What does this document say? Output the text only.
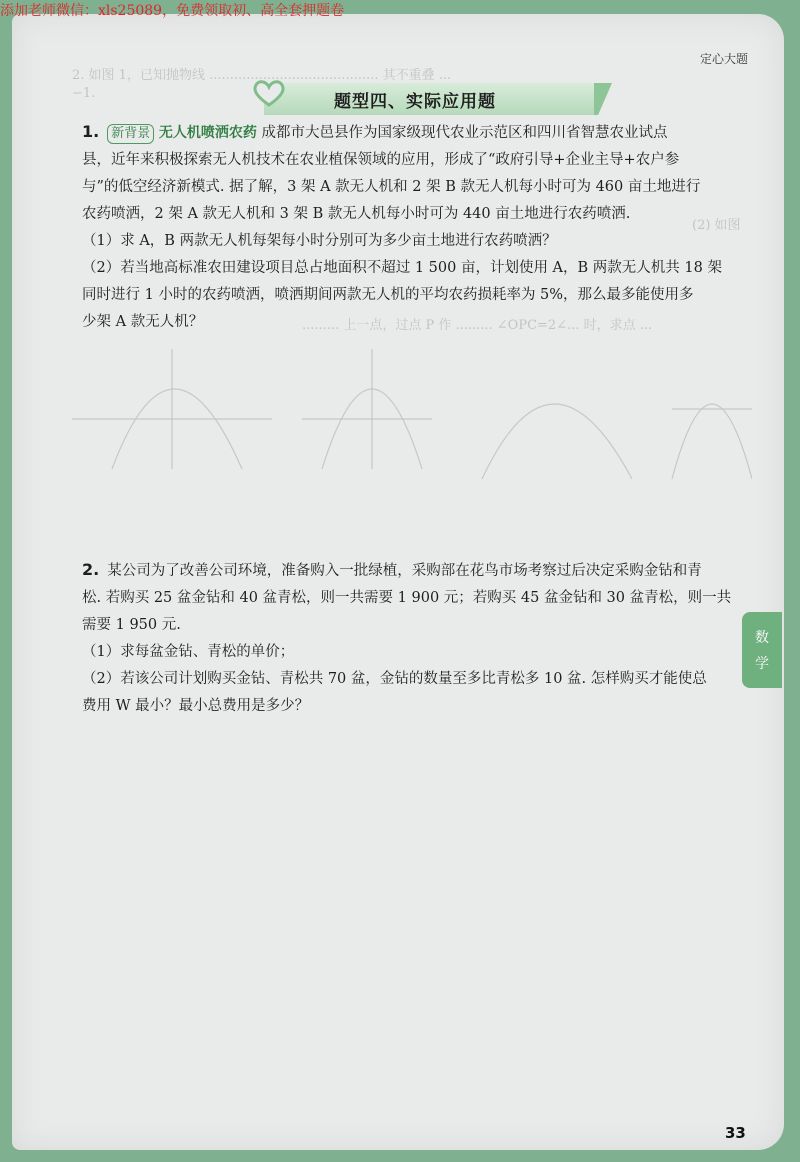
2. 如图 1，已知抛物线 ......................................... 其不重叠 ...
−1.
(2) 如图
......... 上一点，过点 P 作 ......... ∠OPC=2∠... 时，求点 ...
定心大题
题型四、实际应用题
1. 新背景 无人机喷洒农药 成都市大邑县作为国家级现代农业示范区和四川省智慧农业试点
县，近年来积极探索无人机技术在农业植保领域的应用，形成了“政府引导+企业主导+农户参
与”的低空经济新模式. 据了解，3 架 A 款无人机和 2 架 B 款无人机每小时可为 460 亩土地进行
农药喷洒，2 架 A 款无人机和 3 架 B 款无人机每小时可为 440 亩土地进行农药喷洒.
（1）求 A，B 两款无人机每架每小时分别可为多少亩土地进行农药喷洒？
（2）若当地高标准农田建设项目总占地面积不超过 1 500 亩，计划使用 A，B 两款无人机共 18 架
同时进行 1 小时的农药喷洒，喷洒期间两款无人机的平均农药损耗率为 5%，那么最多能使用多
少架 A 款无人机？
2. 某公司为了改善公司环境，准备购入一批绿植，采购部在花鸟市场考察过后决定采购金钻和青
松. 若购买 25 盆金钻和 40 盆青松，则一共需要 1 900 元；若购买 45 盆金钻和 30 盆青松，则一共
需要 1 950 元.
（1）求每盆金钻、青松的单价；
（2）若该公司计划购买金钻、青松共 70 盆，金钻的数量至多比青松多 10 盆. 怎样购买才能使总
费用 W 最小？最小总费用是多少？
33
数
学
添加老师微信：xls25089，免费领取初、高全套押题卷
